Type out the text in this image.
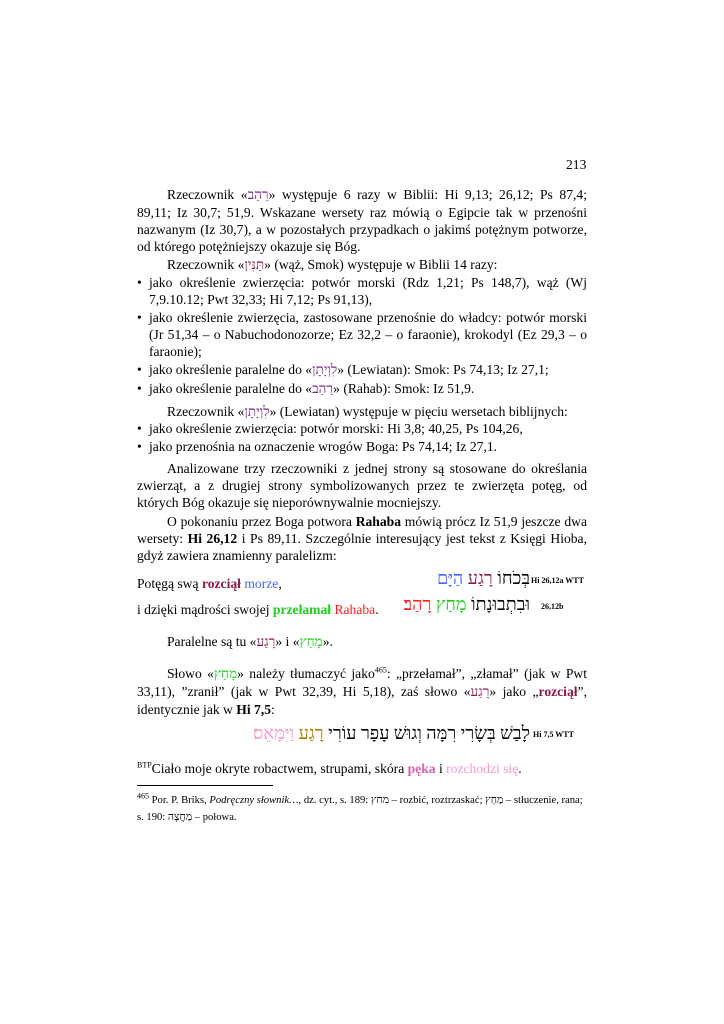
213
Rzeczownik «רַהַב» występuje 6 razy w Biblii: Hi 9,13; 26,12; Ps 87,4; 89,11; Iz 30,7; 51,9. Wskazane wersety raz mówią o Egipcie tak w przenośni nazwanym (Iz 30,7), a w pozostałych przypadkach o jakimś potężnym potworze, od którego potężniejszy okazuje się Bóg.
Rzeczownik «תַּנִּין» (wąż, Smok) występuje w Biblii 14 razy:
• jako określenie zwierzęcia: potwór morski (Rdz 1,21; Ps 148,7), wąż (Wj 7,9.10.12; Pwt 32,33; Hi 7,12; Ps 91,13),
• jako określenie zwierzęcia, zastosowane przenośnie do władcy: potwór morski (Jr 51,34 – o Nabuchodonozorze; Ez 32,2 – o faraonie), krokodyl (Ez 29,3 – o faraonie);
• jako określenie paralelne do «לִוְיָתָן» (Lewiatan): Smok: Ps 74,13; Iz 27,1;
• jako określenie paralelne do «רַהַב» (Rahab): Smok: Iz 51,9.
Rzeczownik «לִוְיָתָן» (Lewiatan) występuje w pięciu wersetach biblijnych:
• jako określenie zwierzęcia: potwór morski: Hi 3,8; 40,25, Ps 104,26,
• jako przenośnia na oznaczenie wrogów Boga: Ps 74,14; Iz 27,1.
Analizowane trzy rzeczowniki z jednej strony są stosowane do określania zwierząt, a z drugiej strony symbolizowanych przez te zwierzęta potęg, od których Bóg okazuje się nieporównywalnie mocniejszy.
O pokonaniu przez Boga potwora Rahaba mówią prócz Iz 51,9 jeszcze dwa wersety: Hi 26,12 i Ps 89,11. Szczególnie interesujący jest tekst z Księgi Hioba, gdyż zawiera znamienny paralelizm:
Potęgą swą rozciął morze,	בְּכֹחוֹ רָגַע הַיָּם	Hi 26,12a WTT
i dzięki mądrości swojej przełamał Rahaba.	וּבִתְבוּנָתוֹ מָחַץ רָהַב׃	26,12b
Paralelne są tu «רָגַע» i «מָחַץ».
Słowo «מָחַץ» należy tłumaczyć jako$^{465}$: „przełamał”, „złamał” (jak w Pwt 33,11), ”zranił” (jak w Pwt 32,39, Hi 5,18), zaś słowo «רָגַע» jako „rozciął”, identycznie jak w Hi 7,5:
לָבַשׁ בְּשָׂרִי רִמָּה וְגוּשׁ עָפָר עוֹרִי רָגַע וַיִּמָּאֵס׃	Hi 7,5 WTT
$^{BTP}$Ciało moje okryte robactwem, strupami, skóra pęka i rozchodzi się.
$^{465}$ Por. P. Briks, Podręczny słownik…, dz. cyt., s. 189: מחץ – rozbić, roztrzaskać; מַחַץ – stłuczenie, rana; s. 190: מַחֲצָה – połowa.
